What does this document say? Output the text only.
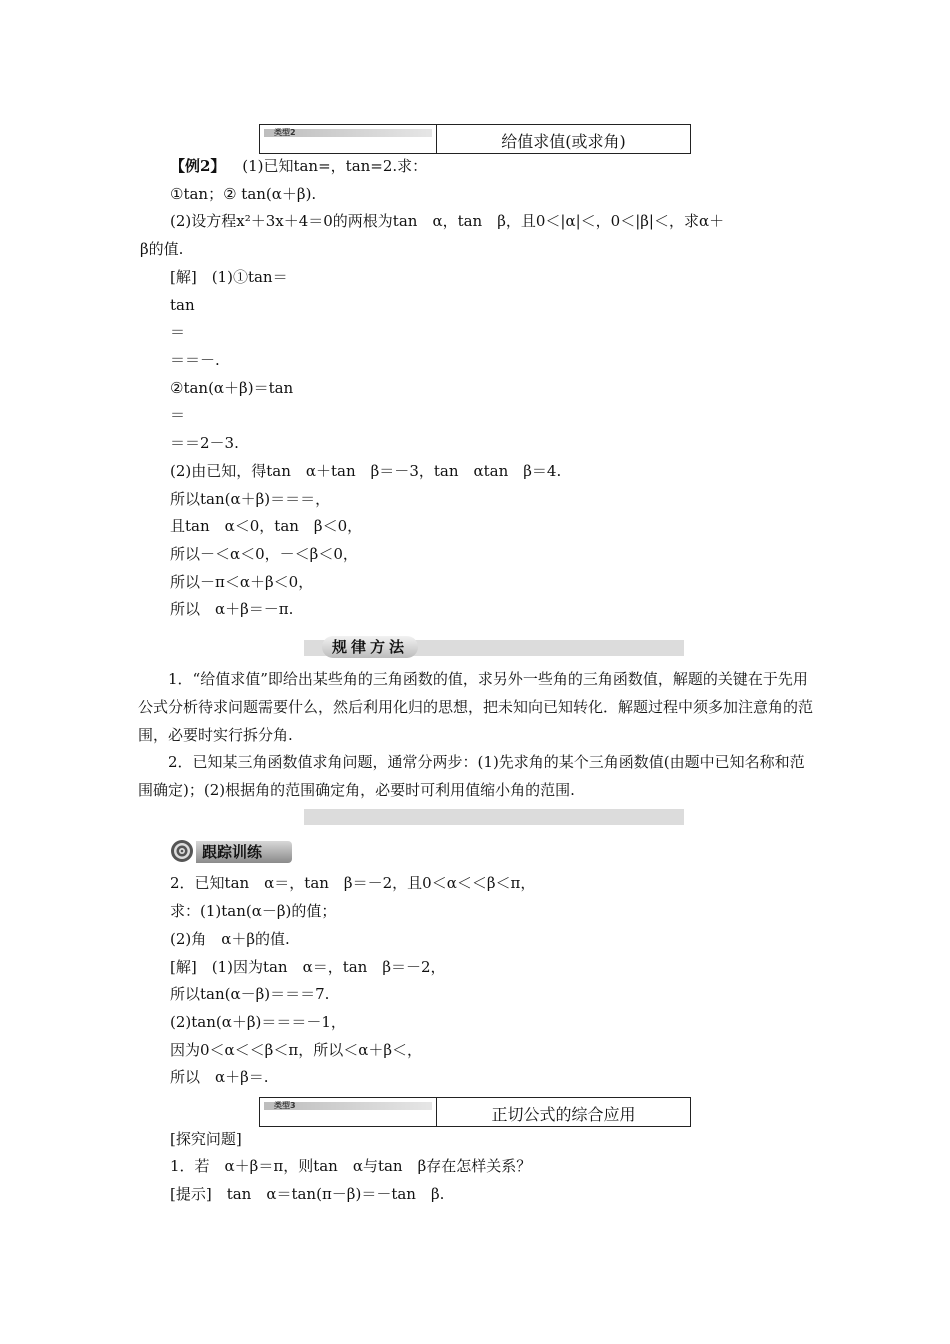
类型2	给值求值(或求角)
【例2】 (1)已知tan=，tan=2.求：
①tan；② tan(α＋β).
(2)设方程x²＋3x＋4＝0的两根为tan　α，tan　β，且0＜|α|＜，0＜|β|＜，求α＋
β的值.
[解]　(1)①tan＝
tan
＝
＝＝－.
②tan(α＋β)＝tan
＝
＝＝2－3.
(2)由已知，得tan　α＋tan　β＝－3，tan　αtan　β＝4.
所以tan(α＋β)＝＝＝，
且tan　α＜0，tan　β＜0，
所以－＜α＜0，－＜β＜0，
所以－π＜α＋β＜0，
所以　α＋β＝－π.
规律方法
1．“给值求值”即给出某些角的三角函数的值，求另外一些角的三角函数值，解题的关键在于先用公式分析待求问题需要什么，然后利用化归的思想，把未知向已知转化．解题过程中须多加注意角的范围，必要时实行拆分角.
2．已知某三角函数值求角问题，通常分两步：(1)先求角的某个三角函数值(由题中已知名称和范围确定)；(2)根据角的范围确定角，必要时可利用值缩小角的范围.
跟踪训练
2．已知tan　α＝，tan　β＝－2，且0＜α＜＜β＜π，
求：(1)tan(α－β)的值；
(2)角　α＋β的值.
[解]　(1)因为tan　α＝，tan　β＝－2，
所以tan(α－β)＝＝＝7.
(2)tan(α＋β)＝＝＝－1，
因为0＜α＜＜β＜π，所以＜α＋β＜，
所以　α＋β＝.
类型3	正切公式的综合应用
[探究问题]
1．若　α＋β＝π，则tan　α与tan　β存在怎样关系？
[提示]　tan　α＝tan(π－β)＝－tan　β.
